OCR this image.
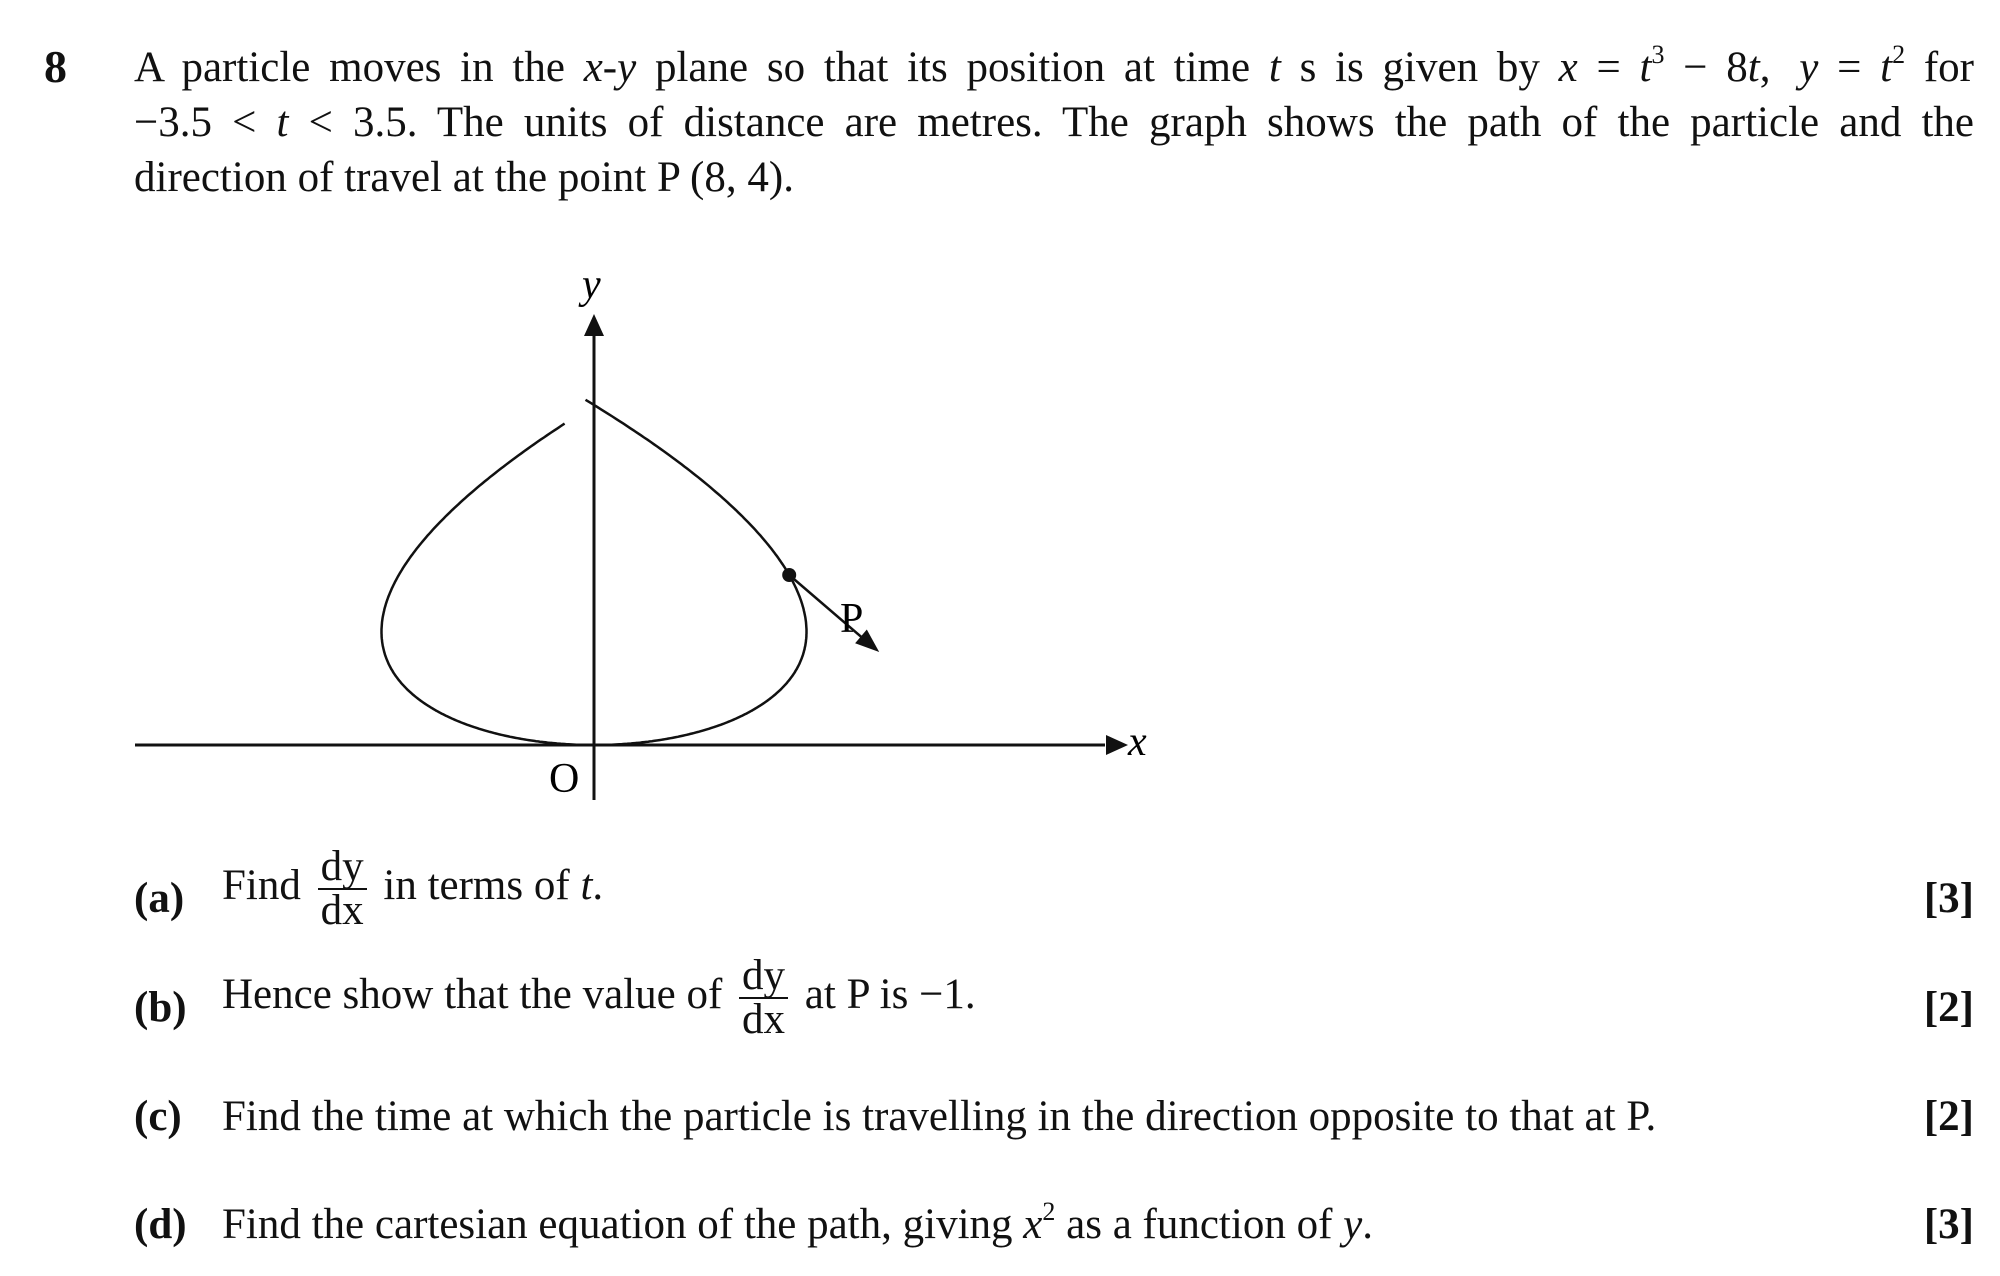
8 A particle moves in the x-y plane so that its position at time t s is given by $x = t^3 - 8t$, $y = t^2$ for
−3.5 < t < 3.5. The units of distance are metres. The graph shows the path of the particle and the
direction of travel at the point P (8, 4).
y
x
O
P
(a) Find $\frac{dy}{dx}$ in terms of t.	[3]
(b) Hence show that the value of $\frac{dy}{dx}$ at P is −1.	[2]
(c) Find the time at which the particle is travelling in the direction opposite to that at P.	[2]
(d) Find the cartesian equation of the path, giving $x^2$ as a function of y.	[3]
